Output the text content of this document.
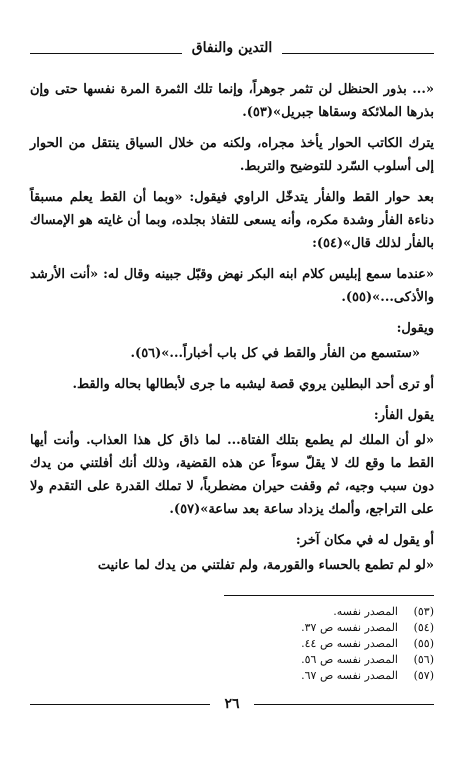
التدين والنفاق

«... بذور الحنظل لن تثمر جوهراً، وإنما تلك الثمرة المرة نفسها حتى وإن بذرها الملائكة وسقاها جبريل»(٥٣).

يترك الكاتب الحوار يأخذ مجراه، ولكنه من خلال السياق ينتقل من الحوار إلى أسلوب السّرد للتوضيح والتربط.

بعد حوار القط والفأر يتدخّل الراوي فيقول: «وبما أن القط يعلم مسبقاً دناءة الفأر وشدة مكره، وأنه يسعى للتفاذ بجلده، وبما أن غايته هو الإمساك بالفأر لذلك قال»(٥٤):

«عندما سمع إبليس كلام ابنه البكر نهض وقبّل جبينه وقال له: «أنت الأرشد والأذكى...»(٥٥).

ويقول:

«ستسمع من الفأر والقط في كل باب أخباراً...»(٥٦).

أو ترى أحد البطلين يروي قصة ليشبه ما جرى لأبطالها بحاله والقط.

يقول الفأر:

«لو أن الملك لم يطمع بتلك الفتاة... لما ذاق كل هذا العذاب. وأنت أيها القط ما وقع لك لا يقلّ سوءاً عن هذه القضية، وذلك أنك أفلتني من يدك دون سبب وجيه، ثم وقفت حيران مضطرباً، لا تملك القدرة على التقدم ولا على التراجع، وألمك يزداد ساعة بعد ساعة»(٥٧).

أو يقول له في مكان آخر:

«لو لم تطمع بالحساء والقورمة، ولم تفلتني من يدك لما عانيت

(٥٣)
المصدر نفسه.
(٥٤)
المصدر نفسه ص ٣٧.
(٥٥)
المصدر نفسه ص ٤٤.
(٥٦)
المصدر نفسه ص ٥٦.
(٥٧)
المصدر نفسه ص ٦٧.
٢٦
